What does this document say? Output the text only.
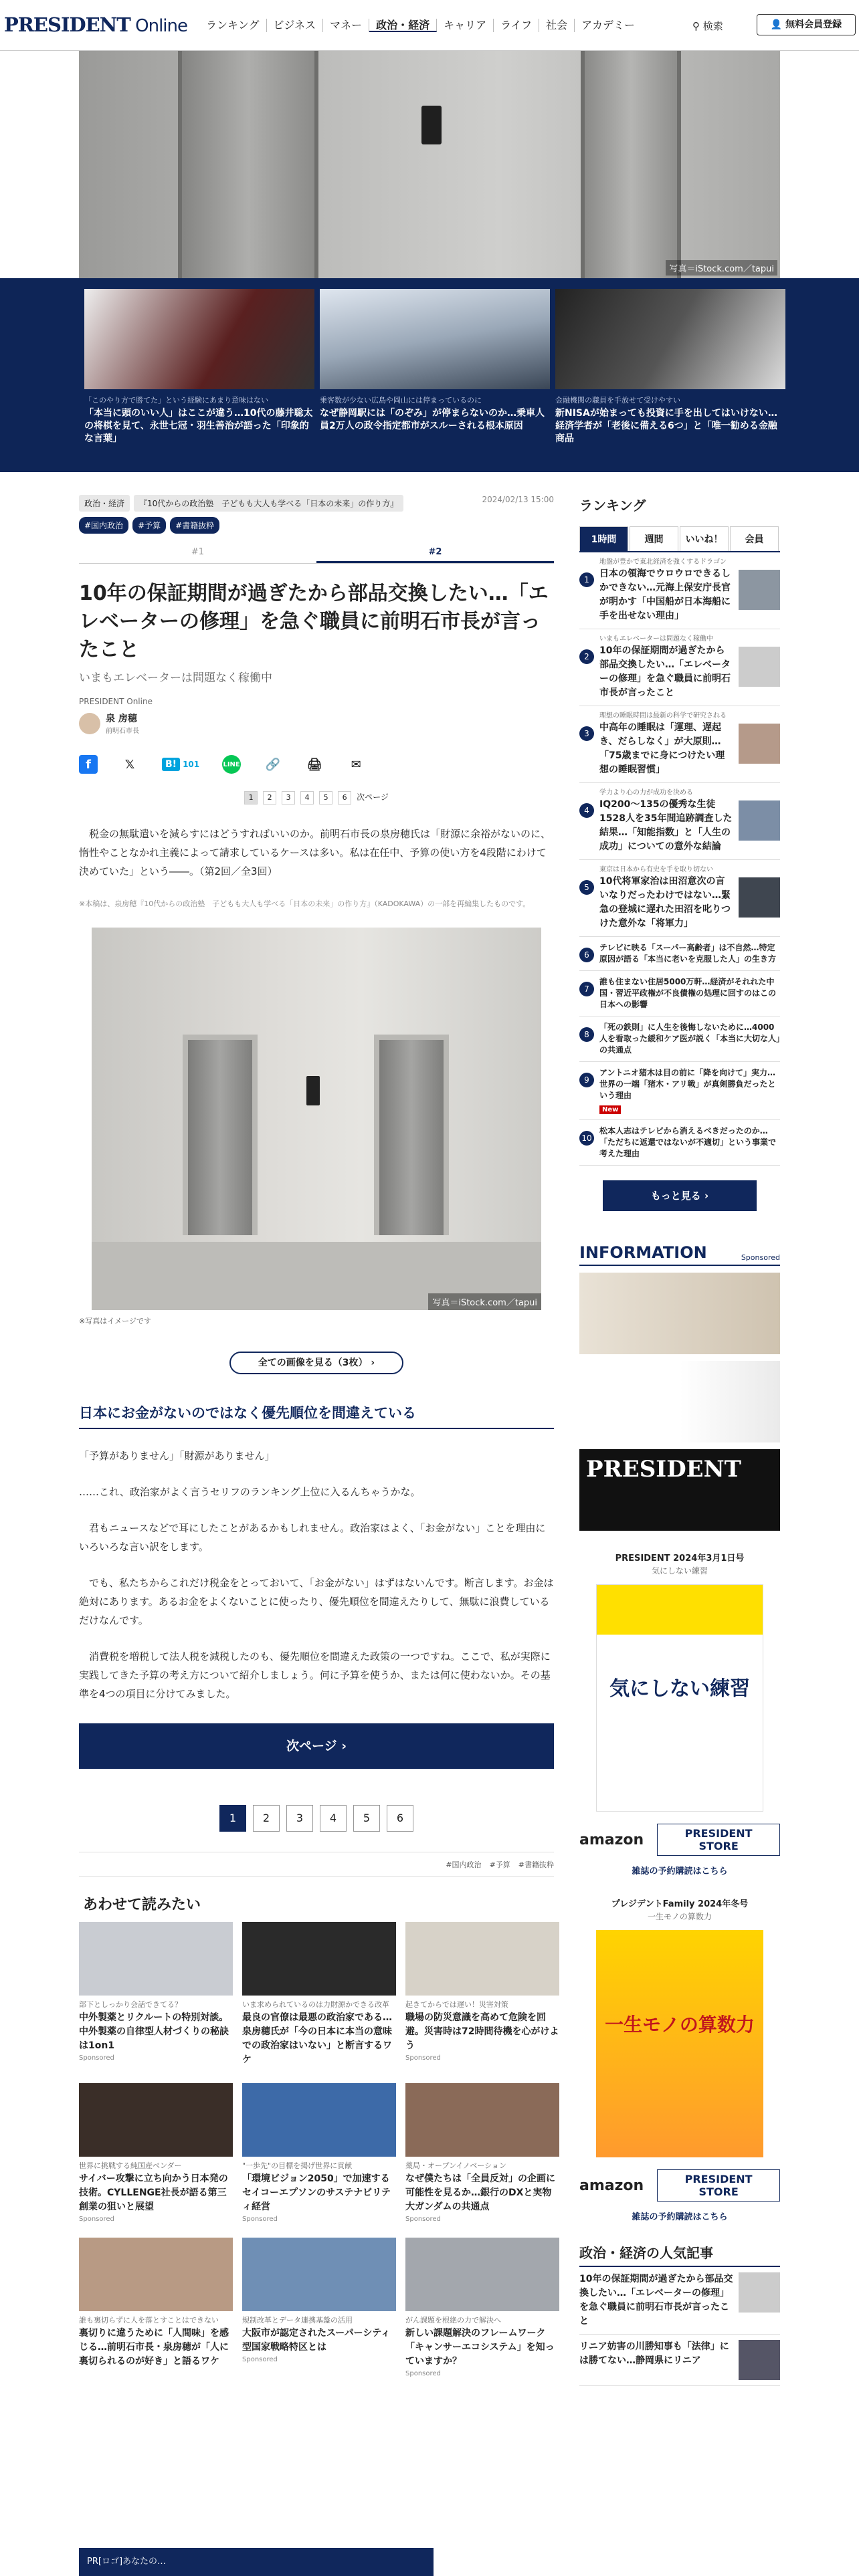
PRESIDENT Online	ランキング	ビジネス	マネー	政治・経済	キャリア	ライフ	社会	アカデミー	⚲ 検索	👤 無料会員登録
写真＝iStock.com／tapui
「このやり方で勝てた」という経験にあまり意味はない
「本当に頭のいい人」はここが違う…10代の藤井聡太の将棋を見て、永世七冠・羽生善治が語った「印象的な言葉」
乗客数が少ない広島や岡山には停まっているのに
なぜ静岡駅には「のぞみ」が停まらないのか…乗車人員2万人の政令指定都市がスルーされる根本原因
金融機関の職員を手放せて受けやすい
新NISAが始まっても投資に手を出してはいけない…経済学者が「老後に備える6つ」と「唯一勧める金融商品
政治・経済	『10代からの政治塾　子どもも大人も学べる「日本の未来」の作り方』	2024/02/13 15:00
#国内政治	#予算	#書籍抜粋
#1	#2
10年の保証期間が過ぎたから部品交換したい…「エレベーターの修理」を急ぐ職員に前明石市長が言ったこと
いまもエレベーターは問題なく稼働中
PRESIDENT Online
泉 房穂
前明石市長
f	𝕏	B! 101	LINE 🔗 🖨	✉
1	2	3	4	5	6	次ページ

　税金の無駄遣いを減らすにはどうすればいいのか。前明石市長の泉房穂氏は「財源に余裕がないのに、惰性やことなかれ主義によって請求しているケースは多い。私は在任中、予算の使い方を4段階にわけて決めていた」という――。（第2回／全3回）

※本稿は、泉房穂『10代からの政治塾　子どもも大人も学べる「日本の未来」の作り方』（KADOKAWA）の一部を再編集したものです。

写真＝iStock.com／tapui
※写真はイメージです
全ての画像を見る（3枚） ›
日本にお金がないのではなく優先順位を間違えている

「予算がありません」「財源がありません」

……これ、政治家がよく言うセリフのランキング上位に入るんちゃうかな。

　君もニュースなどで耳にしたことがあるかもしれません。政治家はよく、「お金がない」ことを理由にいろいろな言い訳をします。

　でも、私たちからこれだけ税金をとっておいて、「お金がない」はずはないんです。断言します。お金は絶対にあります。あるお金をよくないことに使ったり、優先順位を間違えたりして、無駄に浪費しているだけなんです。

　消費税を増税して法人税を減税したのも、優先順位を間違えた政策の一つですね。ここで、私が実際に実践してきた予算の考え方について紹介しましょう。何に予算を使うか、または何に使わないか。その基準を4つの項目に分けてみました。

次ページ ›
1	2	3	4	5	6
#国内政治 #予算 #書籍抜粋
あわせて読みたい
部下としっかり会話できてる？
中外製薬とリクルートの特別対談。中外製薬の自律型人材づくりの秘訣は1on1
Sponsored
いま求められているのは力財源かできる改革
最良の官僚は最悪の政治家である…泉房穂氏が「今の日本に本当の意味での政治家はいない」と断言するワケ
起きてからでは遅い！災害対策
職場の防災意識を高めて危険を回避。災害時は72時間待機を心がけよう
Sponsored
世界に挑戦する純国産ベンダー
サイバー攻撃に立ち向かう日本発の技術。CYLLENGE社長が語る第三創業の狙いと展望
Sponsored
"一歩先"の目標を掲げ世界に貢献
「環境ビジョン2050」で加速するセイコーエプソンのサステナビリティ経営
Sponsored
薬局・オープンイノベーション
なぜ僕たちは「全員反対」の企画に可能性を見るか…銀行のDXと実物大ガンダムの共通点
Sponsored
誰も裏切らずに人を落とすことはできない
裏切りに違うために「人間味」を感じる…前明石市長・泉房穂が「人に裏切られるのが好き」と語るワケ
規制改革とデータ連携基盤の活用
大阪市が認定されたスーパーシティ型国家戦略特区とは
Sponsored
がん課題を根絶の力で解決へ
新しい課題解決のフレームワーク「キャンサーエコシステム」を知っていますか？
Sponsored
ランキング
1時間	週間	いいね！	会員
1
地盤が豊かで東北経済を強くするドラゴン
日本の領海でウロウロできるしかできない…元海上保安庁長官が明かす「中国船が日本海船に手を出せない理由」
2
いまもエレベーターは問題なく稼働中
10年の保証期間が過ぎたから部品交換したい…「エレベーターの修理」を急ぐ職員に前明石市長が言ったこと
3
理想の睡眠時間は最新の科学で研究される
中高年の睡眠は「運理、遅起き、だらしなく」が大原則…「75歳までに身につけたい理想の睡眠習慣」
4
学力より心の力が成功を決める
IQ200〜135の優秀な生徒1528人を35年間追跡調査した結果…「知能指数」と「人生の成功」についての意外な結論
5
東京は日本から有史を手を取り切ない
10代将軍家治は田沼意次の言いなりだったわけではない…緊急の登城に遅れた田沼を叱りつけた意外な「将軍力」
6
テレビに映る「スーパー高齢者」は不自然…特定原因が語る「本当に老いを克服した人」の生き方
7
誰も住まない住居5000万軒…経済がそれれた中国・習近平政権が不良債権の処理に回すのはこの日本への影響
8
「死の鉄則」に人生を後悔しないために…4000人を看取った緩和ケア医が説く「本当に大切な人」の共通点
9
アントニオ猪木は目の前に「降を向けて」実力…世界の一端「猪木・アリ戦」が真剣勝負だったという理由
New
10
松本人志はテレビから消えるべきだったのか…「ただちに返還ではないが不適切」という事業で考えた理由
もっと見る ›
INFORMATION	Sponsored
PRESIDENT
PRESIDENT 2024年3月1日号
気にしない練習
気にしない練習
amazon	PRESIDENT STORE
雑誌の予約購読はこちら
プレジデントFamily 2024年冬号
一生モノの算数力
一生モノの算数力
amazon	PRESIDENT STORE
雑誌の予約購読はこちら
政治・経済の人気記事
10年の保証期間が過ぎたから部品交換したい…「エレベーターの修理」を急ぐ職員に前明石市長が言ったこと
リニア妨害の川勝知事も「法律」には勝てない…静岡県にリニア
PR[ロゴ]あなたの…
